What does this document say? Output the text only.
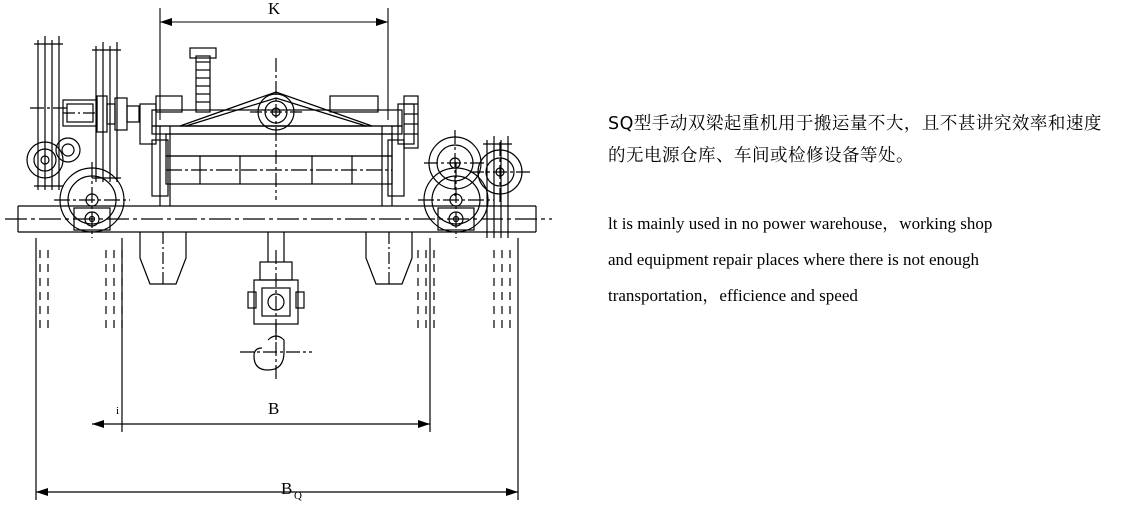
K
B
i
B Q

SQ型手动双梁起重机用于搬运量不大，且不甚讲究效率和速度的无电源仓库、车间或检修设备等处。

lt is mainly used in no power warehouse，working shop
and equipment repair places where there is not enough
transportation，efficience and speed
